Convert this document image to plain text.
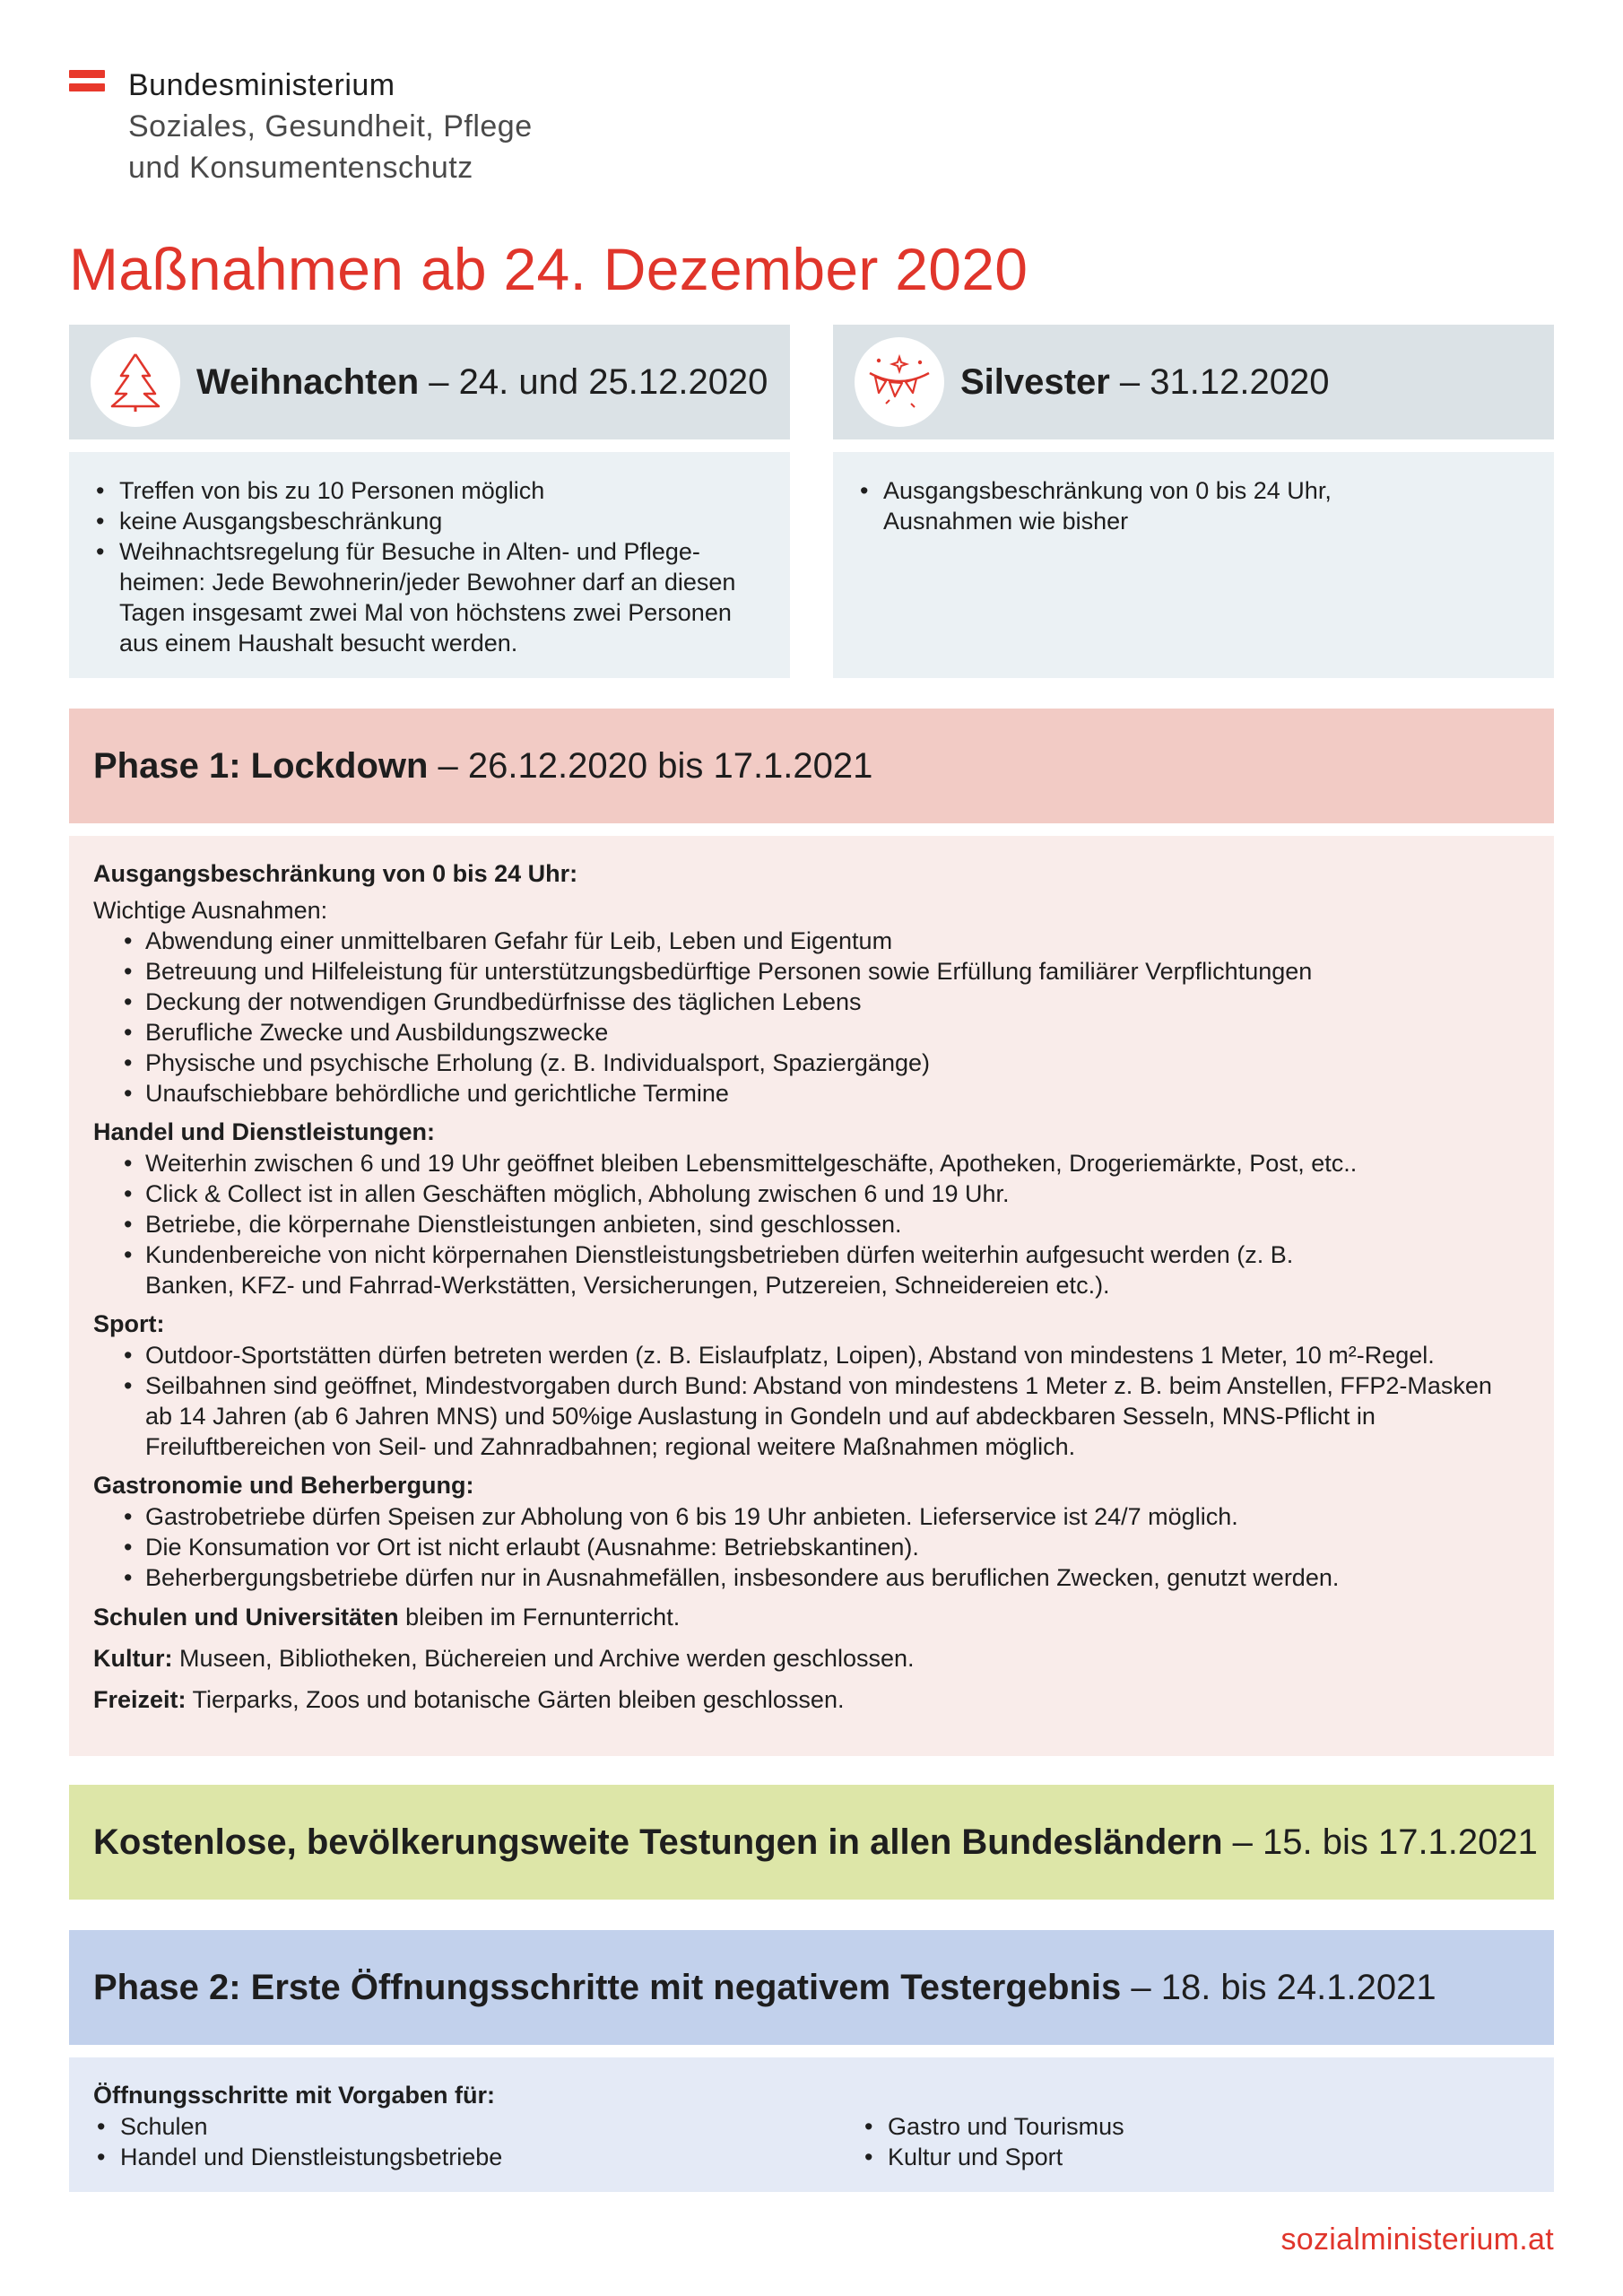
Bundesministerium
Soziales, Gesundheit, Pflege
und Konsumentenschutz
Maßnahmen ab 24. Dezember 2020
Weihnachten – 24. und 25.12.2020
• Treffen von bis zu 10 Personen möglich
• keine Ausgangsbeschränkung
• Weihnachtsregelung für Besuche in Alten- und Pflege-heimen: Jede Bewohnerin/jeder Bewohner darf an diesen Tagen insgesamt zwei Mal von höchstens zwei Personen aus einem Haushalt besucht werden.
Silvester – 31.12.2020
• Ausgangsbeschränkung von 0 bis 24 Uhr, Ausnahmen wie bisher
Phase 1: Lockdown – 26.12.2020 bis 17.1.2021
Ausgangsbeschränkung von 0 bis 24 Uhr:
Wichtige Ausnahmen:
• Abwendung einer unmittelbaren Gefahr für Leib, Leben und Eigentum
• Betreuung und Hilfeleistung für unterstützungsbedürftige Personen sowie Erfüllung familiärer Verpflichtungen
• Deckung der notwendigen Grundbedürfnisse des täglichen Lebens
• Berufliche Zwecke und Ausbildungszwecke
• Physische und psychische Erholung (z. B. Individualsport, Spaziergänge)
• Unaufschiebbare behördliche und gerichtliche Termine
Handel und Dienstleistungen:
• Weiterhin zwischen 6 und 19 Uhr geöffnet bleiben Lebensmittelgeschäfte, Apotheken, Drogeriemärkte, Post, etc..
• Click & Collect ist in allen Geschäften möglich, Abholung zwischen 6 und 19 Uhr.
• Betriebe, die körpernahe Dienstleistungen anbieten, sind geschlossen.
• Kundenbereiche von nicht körpernahen Dienstleistungsbetrieben dürfen weiterhin aufgesucht werden (z. B. Banken, KFZ- und Fahrrad-Werkstätten, Versicherungen, Putzereien, Schneidereien etc.).
Sport:
• Outdoor-Sportstätten dürfen betreten werden (z. B. Eislaufplatz, Loipen), Abstand von mindestens 1 Meter, 10 m²-Regel.
• Seilbahnen sind geöffnet, Mindestvorgaben durch Bund: Abstand von mindestens 1 Meter z. B. beim Anstellen, FFP2-Masken ab 14 Jahren (ab 6 Jahren MNS) und 50%ige Auslastung in Gondeln und auf abdeckbaren Sesseln, MNS-Pflicht in Freiluftbereichen von Seil- und Zahnradbahnen; regional weitere Maßnahmen möglich.
Gastronomie und Beherbergung:
• Gastrobetriebe dürfen Speisen zur Abholung von 6 bis 19 Uhr anbieten. Lieferservice ist 24/7 möglich.
• Die Konsumation vor Ort ist nicht erlaubt (Ausnahme: Betriebskantinen).
• Beherbergungsbetriebe dürfen nur in Ausnahmefällen, insbesondere aus beruflichen Zwecken, genutzt werden.
Schulen und Universitäten bleiben im Fernunterricht.
Kultur: Museen, Bibliotheken, Büchereien und Archive werden geschlossen.
Freizeit: Tierparks, Zoos und botanische Gärten bleiben geschlossen.
Kostenlose, bevölkerungsweite Testungen in allen Bundesländern – 15. bis 17.1.2021
Phase 2: Erste Öffnungsschritte mit negativem Testergebnis – 18. bis 24.1.2021
Öffnungsschritte mit Vorgaben für:
• Schulen
• Handel und Dienstleistungsbetriebe
• Gastro und Tourismus
• Kultur und Sport
sozialministerium.at
